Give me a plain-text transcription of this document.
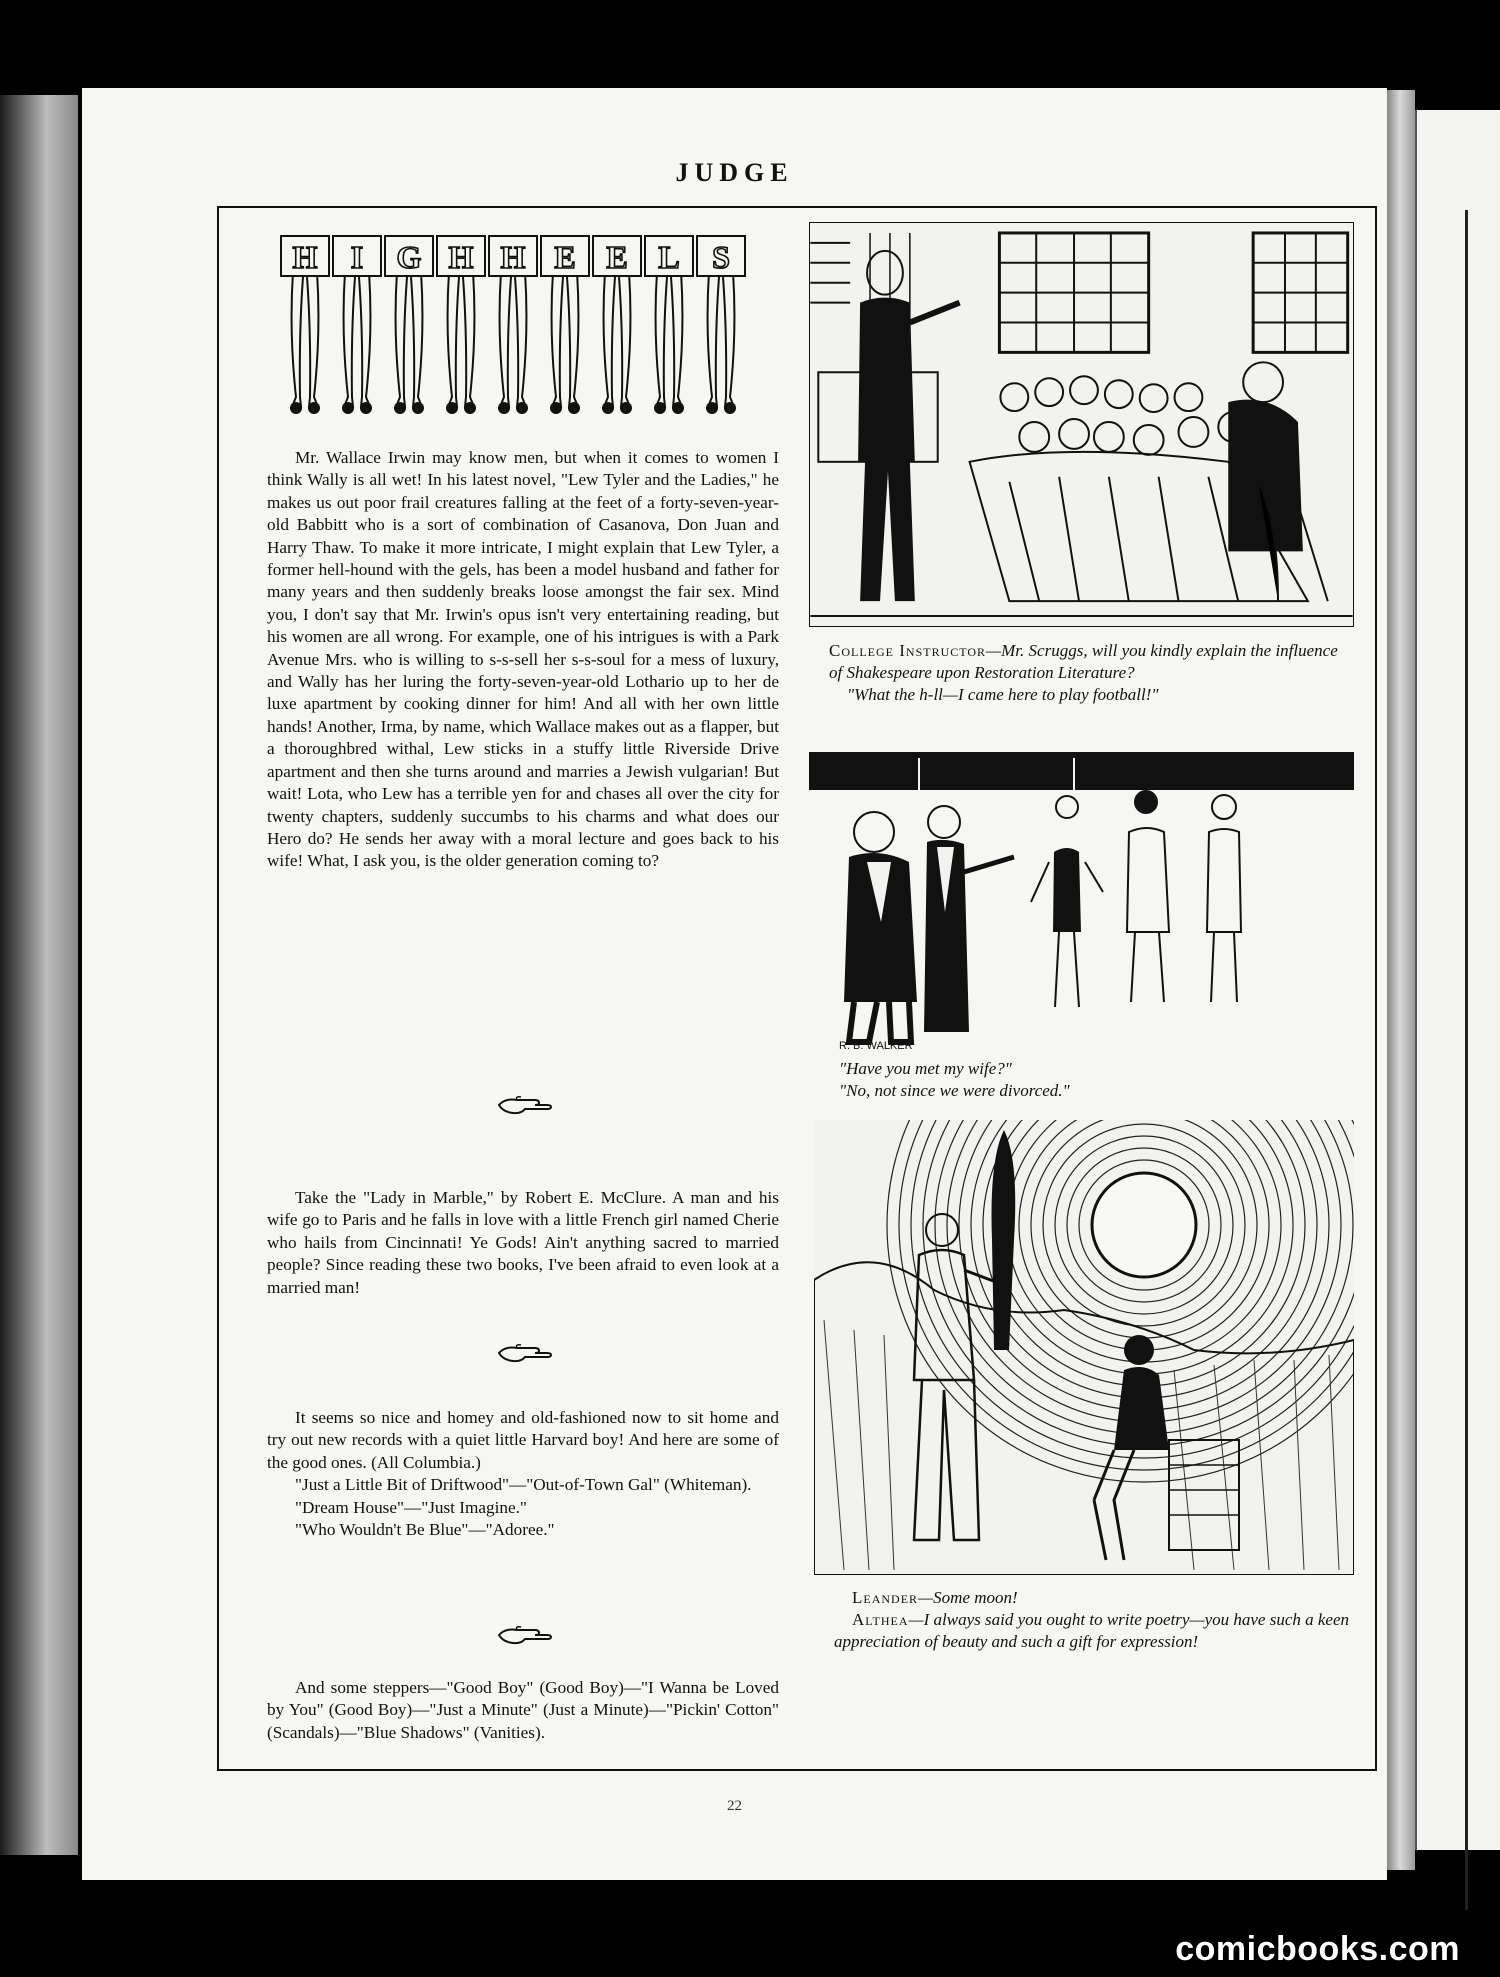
JUDGE
H I G H H E E L S

Mr. Wallace Irwin may know men, but when it comes to women I think Wally is all wet! In his latest novel, "Lew Tyler and the Ladies," he makes us out poor frail creatures falling at the feet of a forty-seven-year-old Babbitt who is a sort of combination of Casanova, Don Juan and Harry Thaw. To make it more intricate, I might explain that Lew Tyler, a former hell-hound with the gels, has been a model husband and father for many years and then suddenly breaks loose amongst the fair sex. Mind you, I don't say that Mr. Irwin's opus isn't very entertaining reading, but his women are all wrong. For example, one of his intrigues is with a Park Avenue Mrs. who is willing to s-s-sell her s-s-soul for a mess of luxury, and Wally has her luring the forty-seven-year-old Lothario up to her de luxe apartment by cooking dinner for him! And all with her own little hands! Another, Irma, by name, which Wallace makes out as a flapper, but a thoroughbred withal, Lew sticks in a stuffy little Riverside Drive apartment and then she turns around and marries a Jewish vulgarian! But wait! Lota, who Lew has a terrible yen for and chases all over the city for twenty chapters, suddenly succumbs to his charms and what does our Hero do? He sends her away with a moral lecture and goes back to his wife! What, I ask you, is the older generation coming to?

Take the "Lady in Marble," by Robert E. McClure. A man and his wife go to Paris and he falls in love with a little French girl named Cherie who hails from Cincinnati! Ye Gods! Ain't anything sacred to married people? Since reading these two books, I've been afraid to even look at a married man!

It seems so nice and homey and old-fashioned now to sit home and try out new records with a quiet little Harvard boy! And here are some of the good ones. (All Columbia.)

"Just a Little Bit of Driftwood"—"Out-of-Town Gal" (Whiteman).

"Dream House"—"Just Imagine."

"Who Wouldn't Be Blue"—"Adoree."

And some steppers—"Good Boy" (Good Boy)—"I Wanna be Loved by You" (Good Boy)—"Just a Minute" (Just a Minute)—"Pickin' Cotton" (Scandals)—"Blue Shadows" (Vanities).

College Instructor—Mr. Scruggs, will you kindly explain the influence of Shakespeare upon Restoration Literature?
"What the h-ll—I came here to play football!"
R. B. WALKER
"Have you met my wife?"
"No, not since we were divorced."
Leander—Some moon!
Althea—I always said you ought to write poetry—you have such a keen appreciation of beauty and such a gift for expression!
22
comicbooks.com
